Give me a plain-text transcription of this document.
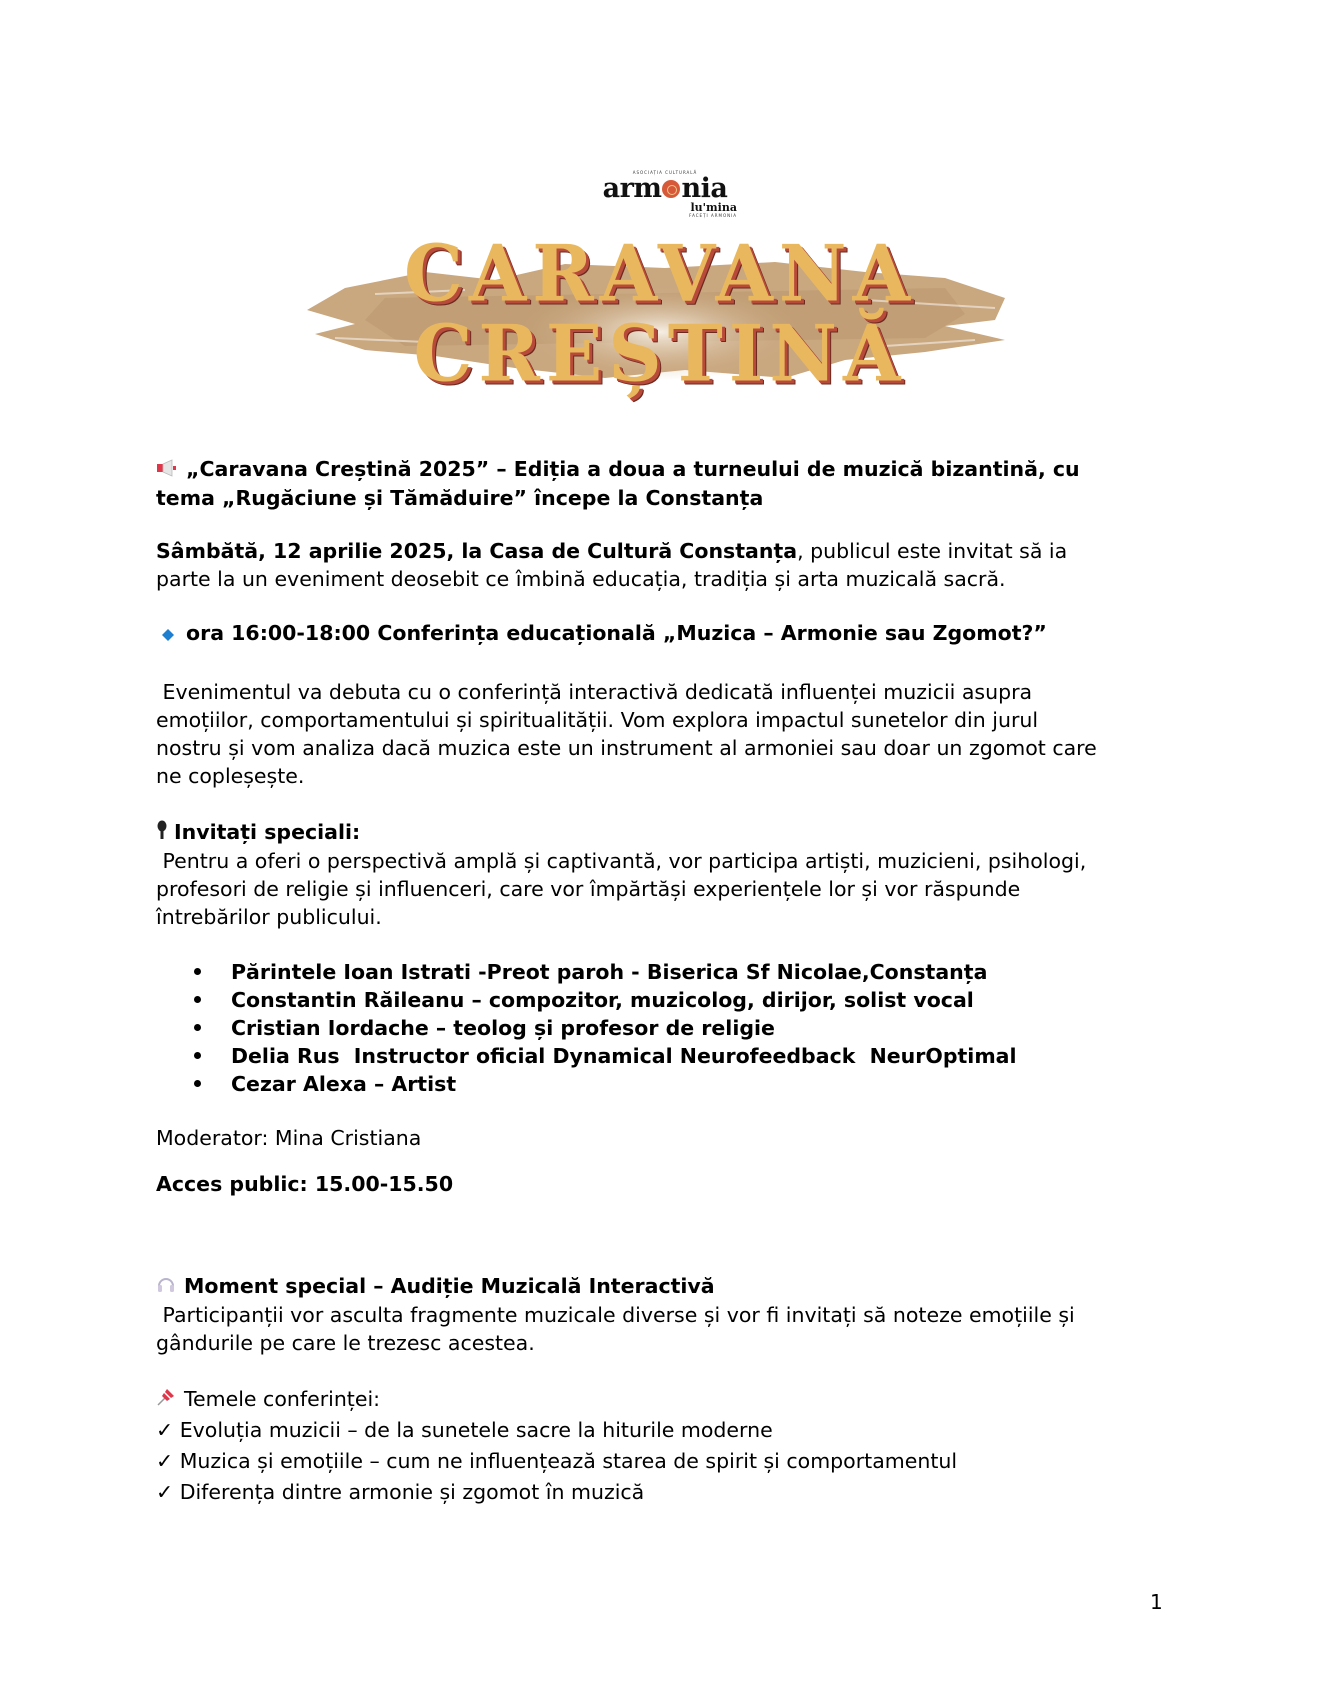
ASOCIAȚIA CULTURALĂ
arm nia
lu'mina
FACEȚI ARMONIA
CARAVANA
CREȘTINĂ
„Caravana Creștină 2025” – Ediția a doua a turneului de muzică bizantină, cu
tema „Rugăciune și Tămăduire” începe la Constanța
Sâmbătă, 12 aprilie 2025, la Casa de Cultură Constanța, publicul este invitat să ia
parte la un eveniment deosebit ce îmbină educația, tradiția și arta muzicală sacră.
ora 16:00-18:00 Conferința educațională „Muzica – Armonie sau Zgomot?”
Evenimentul va debuta cu o conferință interactivă dedicată influenței muzicii asupra
emoțiilor, comportamentului și spiritualității. Vom explora impactul sunetelor din jurul
nostru și vom analiza dacă muzica este un instrument al armoniei sau doar un zgomot care
ne copleșește.
Invitați speciali:
Pentru a oferi o perspectivă amplă și captivantă, vor participa artiști, muzicieni, psihologi,
profesori de religie și influenceri, care vor împărtăși experiențele lor și vor răspunde
întrebărilor publicului.
Părintele Ioan Istrati -Preot paroh - Biserica Sf Nicolae,Constanța
Constantin Răileanu – compozitor, muzicolog, dirijor, solist vocal
Cristian Iordache – teolog și profesor de religie
Delia Rus  Instructor oficial Dynamical Neurofeedback  NeurOptimal
Cezar Alexa – Artist
Moderator: Mina Cristiana
Acces public: 15.00-15.50
Moment special – Audiție Muzicală Interactivă
Participanții vor asculta fragmente muzicale diverse și vor fi invitați să noteze emoțiile și
gândurile pe care le trezesc acestea.
Temele conferinței:
✓ Evoluția muzicii – de la sunetele sacre la hiturile moderne
✓ Muzica și emoțiile – cum ne influențează starea de spirit și comportamentul
✓ Diferența dintre armonie și zgomot în muzică
1
